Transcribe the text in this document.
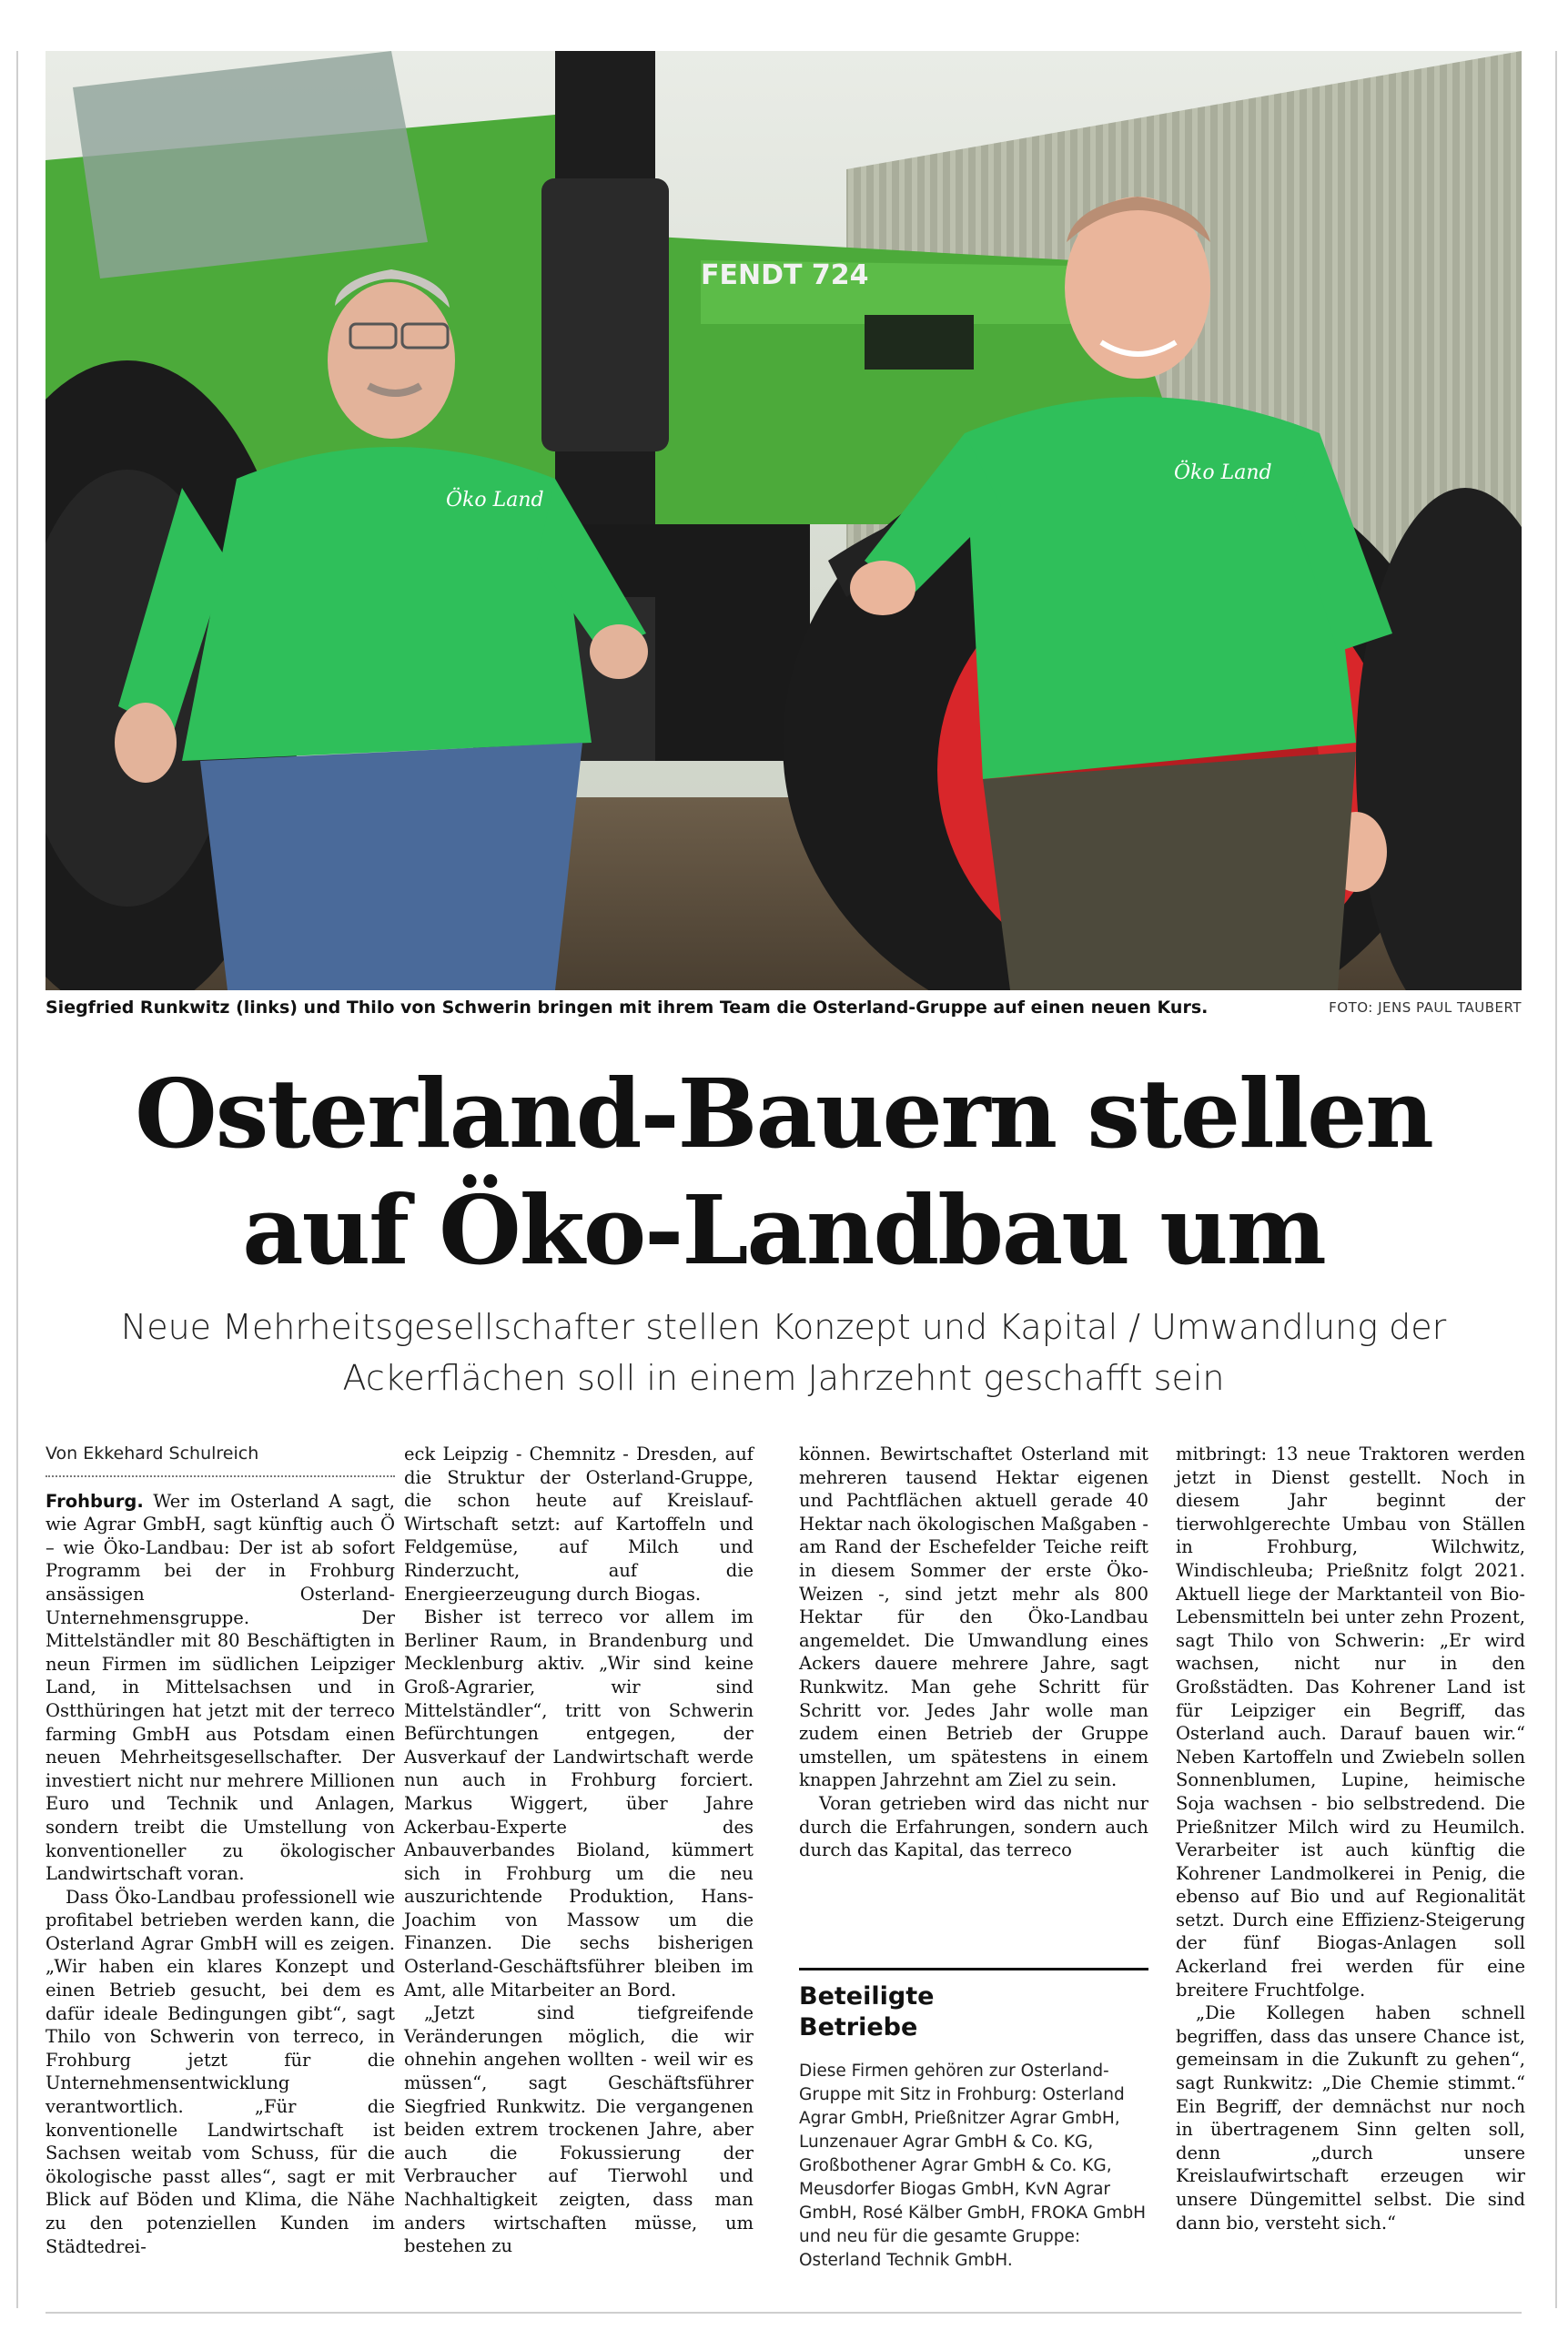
FENDT 724
Öko Land
Öko Land
Siegfried Runkwitz (links) und Thilo von Schwerin bringen mit ihrem Team die Osterland-Gruppe auf einen neuen Kurs.	FOTO: JENS PAUL TAUBERT
Osterland-Bauern stellen
auf Öko-Landbau um
Neue Mehrheitsgesellschafter stellen Konzept und Kapital / Umwandlung der
Ackerflächen soll in einem Jahrzehnt geschafft sein
Von Ekkehard Schulreich

Frohburg. Wer im Osterland A sagt, wie Agrar GmbH, sagt künftig auch Ö – wie Öko-Landbau: Der ist ab sofort Programm bei der in Frohburg ansässigen Osterland-Unternehmensgruppe. Der Mittelständler mit 80 Beschäftigten in neun Firmen im südlichen Leipziger Land, in Mittelsachsen und in Ostthüringen hat jetzt mit der terreco farming GmbH aus Potsdam einen neuen Mehrheitsgesellschafter. Der investiert nicht nur mehrere Millionen Euro und Technik und Anlagen, sondern treibt die Umstellung von konventioneller zu ökologischer Landwirtschaft voran.

Dass Öko-Landbau professionell wie profitabel betrieben werden kann, die Osterland Agrar GmbH will es zeigen. „Wir haben ein klares Konzept und einen Betrieb gesucht, bei dem es dafür ideale Bedingungen gibt“, sagt Thilo von Schwerin von terreco, in Frohburg jetzt für die Unternehmensentwicklung verantwortlich. „Für die konventionelle Landwirtschaft ist Sachsen weitab vom Schuss, für die ökologische passt alles“, sagt er mit Blick auf Böden und Klima, die Nähe zu den potenziellen Kunden im Städtedrei-

eck Leipzig - Chemnitz - Dresden, auf die Struktur der Osterland-Gruppe, die schon heute auf Kreislauf-Wirtschaft setzt: auf Kartoffeln und Feldgemüse, auf Milch und Rinderzucht, auf die Energieerzeugung durch Biogas.

Bisher ist terreco vor allem im Berliner Raum, in Brandenburg und Mecklenburg aktiv. „Wir sind keine Groß-Agrarier, wir sind Mittelständler“, tritt von Schwerin Befürchtungen entgegen, der Ausverkauf der Landwirtschaft werde nun auch in Frohburg forciert. Markus Wiggert, über Jahre Ackerbau-Experte des Anbauverbandes Bioland, kümmert sich in Frohburg um die neu auszurichtende Produktion, Hans-Joachim von Massow um die Finanzen. Die sechs bisherigen Osterland-Geschäftsführer bleiben im Amt, alle Mitarbeiter an Bord.

„Jetzt sind tiefgreifende Veränderungen möglich, die wir ohnehin angehen wollten - weil wir es müssen“, sagt Geschäftsführer Siegfried Runkwitz. Die vergangenen beiden extrem trockenen Jahre, aber auch die Fokussierung der Verbraucher auf Tierwohl und Nachhaltigkeit zeigten, dass man anders wirtschaften müsse, um bestehen zu

können. Bewirtschaftet Osterland mit mehreren tausend Hektar eigenen und Pachtflächen aktuell gerade 40 Hektar nach ökologischen Maßgaben - am Rand der Eschefelder Teiche reift in diesem Sommer der erste Öko-Weizen -, sind jetzt mehr als 800 Hektar für den Öko-Landbau angemeldet. Die Umwandlung eines Ackers dauere mehrere Jahre, sagt Runkwitz. Man gehe Schritt für Schritt vor. Jedes Jahr wolle man zudem einen Betrieb der Gruppe umstellen, um spätestens in einem knappen Jahrzehnt am Ziel zu sein.

Voran getrieben wird das nicht nur durch die Erfahrungen, sondern auch durch das Kapital, das terreco

Beteiligte
Betriebe
Diese Firmen gehören zur Osterland-Gruppe mit Sitz in Frohburg: Osterland Agrar GmbH, Prießnitzer Agrar GmbH, Lunzenauer Agrar GmbH & Co. KG, Großbothener Agrar GmbH & Co. KG, Meusdorfer Biogas GmbH, KvN Agrar GmbH, Rosé Kälber GmbH, FROKA GmbH und neu für die gesamte Gruppe: Osterland Technik GmbH.

mitbringt: 13 neue Traktoren werden jetzt in Dienst gestellt. Noch in diesem Jahr beginnt der tierwohlgerechte Umbau von Ställen in Frohburg, Wilchwitz, Windischleuba; Prießnitz folgt 2021. Aktuell liege der Marktanteil von Bio-Lebensmitteln bei unter zehn Prozent, sagt Thilo von Schwerin: „Er wird wachsen, nicht nur in den Großstädten. Das Kohrener Land ist für Leipziger ein Begriff, das Osterland auch. Darauf bauen wir.“ Neben Kartoffeln und Zwiebeln sollen Sonnenblumen, Lupine, heimische Soja wachsen - bio selbstredend. Die Prießnitzer Milch wird zu Heumilch. Verarbeiter ist auch künftig die Kohrener Landmolkerei in Penig, die ebenso auf Bio und auf Regionalität setzt. Durch eine Effizienz-Steigerung der fünf Biogas-Anlagen soll Ackerland frei werden für eine breitere Fruchtfolge.

„Die Kollegen haben schnell begriffen, dass das unsere Chance ist, gemeinsam in die Zukunft zu gehen“, sagt Runkwitz: „Die Chemie stimmt.“ Ein Begriff, der demnächst nur noch in übertragenem Sinn gelten soll, denn „durch unsere Kreislaufwirtschaft erzeugen wir unsere Düngemittel selbst. Die sind dann bio, versteht sich.“
